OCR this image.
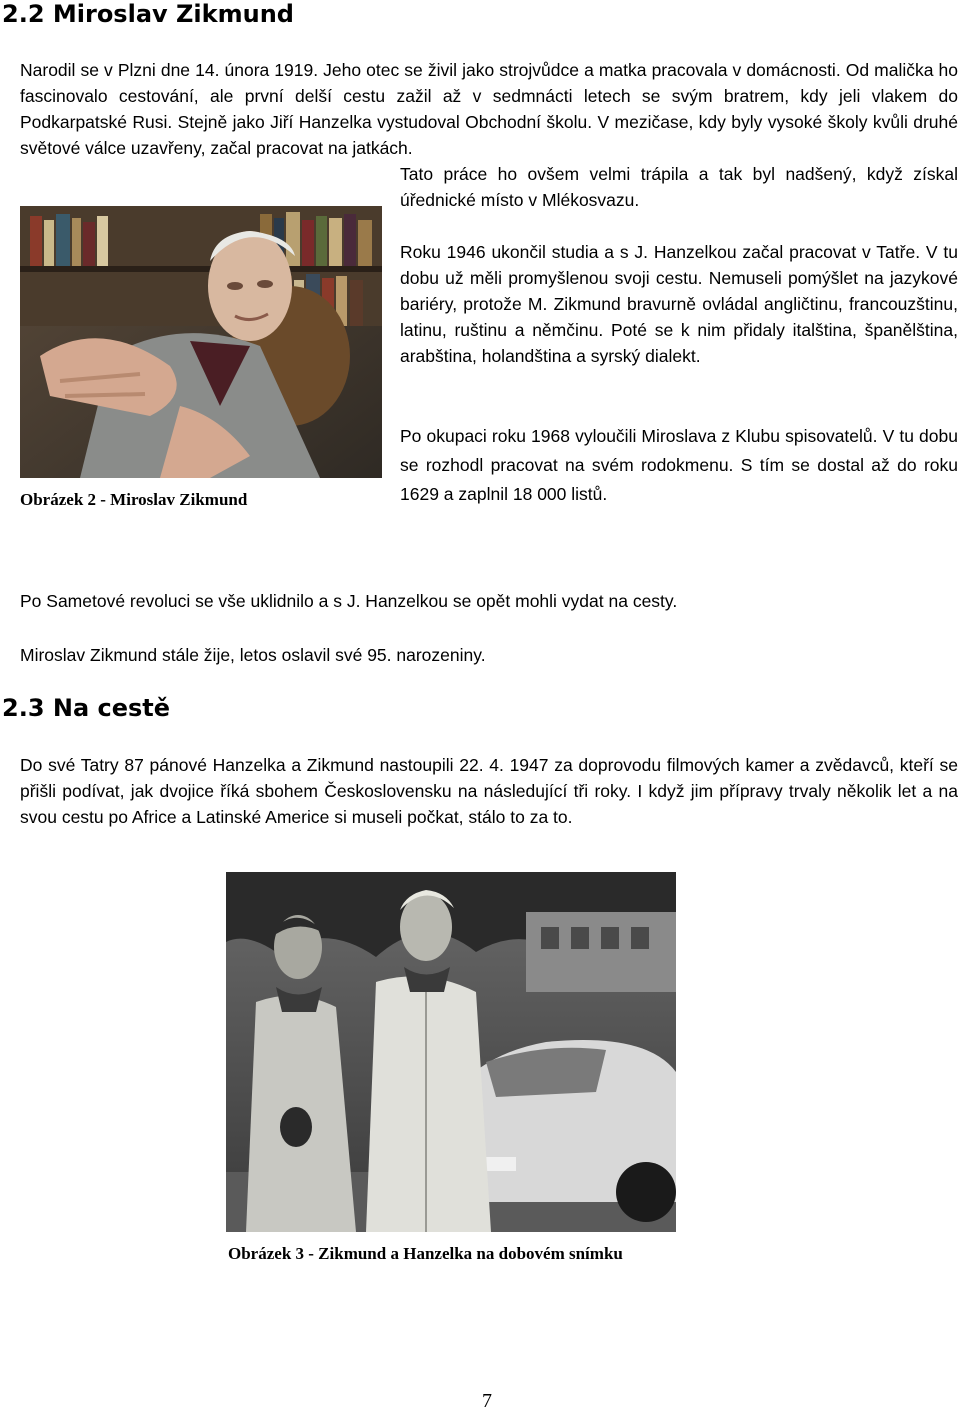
2.2 Miroslav Zikmund
Narodil se v Plzni dne 14. února 1919. Jeho otec se živil jako strojvůdce a matka pracovala v domácnosti. Od malička ho fascinovalo cestování, ale první delší cestu zažil až v sedmnácti letech se svým bratrem, kdy jeli vlakem do Podkarpatské Rusi. Stejně jako Jiří Hanzelka vystudoval Obchodní školu. V mezičase, kdy byly vysoké školy kvůli druhé světové válce uzavřeny, začal pracovat na jatkách.
Tato práce ho ovšem velmi trápila a tak byl nadšený, když získal úřednické místo v Mlékosvazu.
Obrázek 2 - Miroslav Zikmund
Roku 1946 ukončil studia a s J. Hanzelkou začal pracovat v Tatře. V tu dobu už měli promyšlenou svoji cestu. Nemuseli pomýšlet na jazykové bariéry, protože M. Zikmund bravurně ovládal angličtinu, francouzštinu, latinu, ruštinu a němčinu. Poté se k nim přidaly italština, španělština, arabština, holandština a syrský dialekt.
Po okupaci roku 1968 vyloučili Miroslava z Klubu spisovatelů. V tu dobu se rozhodl pracovat na svém rodokmenu. S tím se dostal až do roku 1629 a zaplnil 18 000 listů.
Po Sametové revoluci se vše uklidnilo a s J. Hanzelkou se opět mohli vydat na cesty.
Miroslav Zikmund stále žije, letos oslavil své 95. narozeniny.
2.3 Na cestě
Do své Tatry 87 pánové Hanzelka a Zikmund nastoupili 22. 4. 1947 za doprovodu filmových kamer a zvědavců, kteří se přišli podívat, jak dvojice říká sbohem Československu na následující tři roky. I když jim přípravy trvaly několik let a na svou cestu po Africe a Latinské Americe si museli počkat, stálo to za to.
Obrázek 3 - Zikmund a Hanzelka na dobovém snímku
7
